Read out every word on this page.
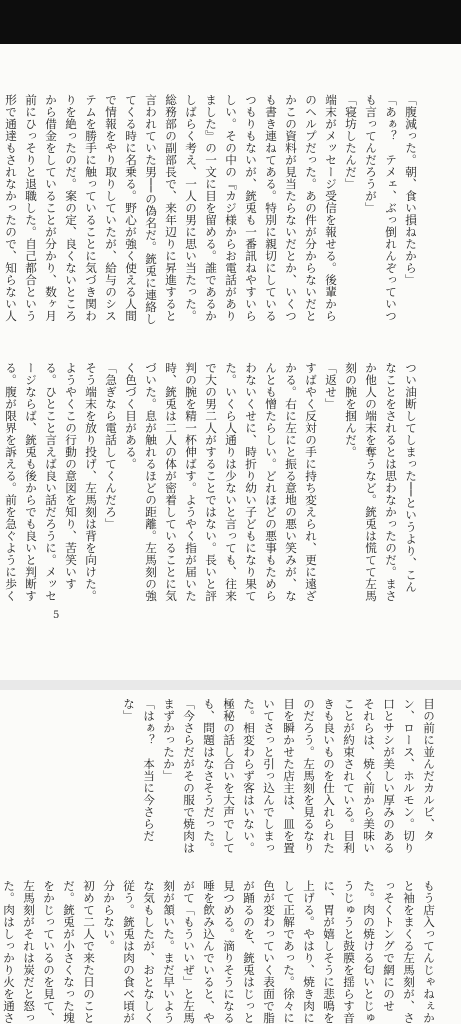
「腹減った。朝、食い損ねたから」

「あぁ？　テメェ、ぶっ倒れんぞっていつも言ってんだろうが」

「寝坊したんだ」

端末がメッセージ受信を報せる。後輩からのヘルプだった。あの件が分からないだとかこの資料が見当たらないだとか、いくつも書き連ねてある。特別に親切にしているつもりもないが、銃兎も一番訊ねやすいらしい。その中の『カジ様からお電話がありました』の一文に目を留める。誰であるかしばらく考え、一人の男に思い当たった。総務部の副部長で、来年辺りに昇進すると言われていた男──の偽名だ。銃兎に連絡してくる時に名乗る。野心が強く使える人間で情報をやり取りしていたが、給与のシステムを勝手に触っていることに気づき関わりを絶ったのだ。案の定、良くないところから借金をしていることが分かり、数ヶ月前にひっそりと退職した。自己都合という形で通達もされなかったので、知らない人

つい油断してしまった──というより、こんなことをされるとは思わなかったのだ。まさか他人の端末を奪うなど。銃兎は慌てて左馬刻の腕を掴んだ。

「返せ」

すばやく反対の手に持ち変えられ、更に遠ざかる。右に左にと振る意地の悪い笑みが、なんとも憎たらしい。どれほどの悪事もためらわないくせに、時折り幼い子どもになり果てた。いくら人通りは少ないと言っても、往来で大の男二人がすることではない。長いと評判の腕を精一杯伸ばす。ようやく指が届いた時、銃兎は二人の体が密着していることに気づいた。息が触れるほどの距離。左馬刻の強く色づく目がある。

「急ぎなら電話してくんだろ」

そう端末を放り投げ、左馬刻は背を向けた。ようやくこの行動の意図を知り、苦笑いする。ひとこと言えば良い話だろうに。メッセージならば、銃兎も後からでも良いと判断する。腹が限界を訴える。前を急ぐように歩く

5

目の前に並んだカルビ、タン、ロース、ホルモン。切り口とサシが美しい厚みのあるそれらは、焼く前から美味いことが約束されている。目利きも良いものを仕入れられたのだろう。左馬刻を見るなり目を瞬かせた店主は、皿を置いてさっと引っ込んでしまった。相変わらず客はいない。極秘の話し合いを大声でしても、問題はなさそうだった。

「今さらだがその服で焼肉はまずかったか」

「はぁ？　本当に今さらだな」

もう店入ってんじゃねぇかと袖をまくる左馬刻が、さっそくトングで網にのせた。肉の焼ける匂いとじゅうじゅうと鼓膜を揺らす音に、胃が嬉しそうに悲鳴を上げる。やはり、焼き肉にして正解であった。徐々に色が変わっていく表面で脂が踊るのを、銃兎はじっと見つめる。滴りそうになる唾を飲み込んでいると、やがて「もういいぜ」と左馬刻が頷いた。まだ早いような気もしたが、おとなしく従う。銃兎は肉の食べ頃が分からない。

初めて二人で来た日のことだ。銃兎が小さくなった塊をかじっているのを見て、左馬刻がそれは炭だと怒った。肉はしっかり火を通さ
